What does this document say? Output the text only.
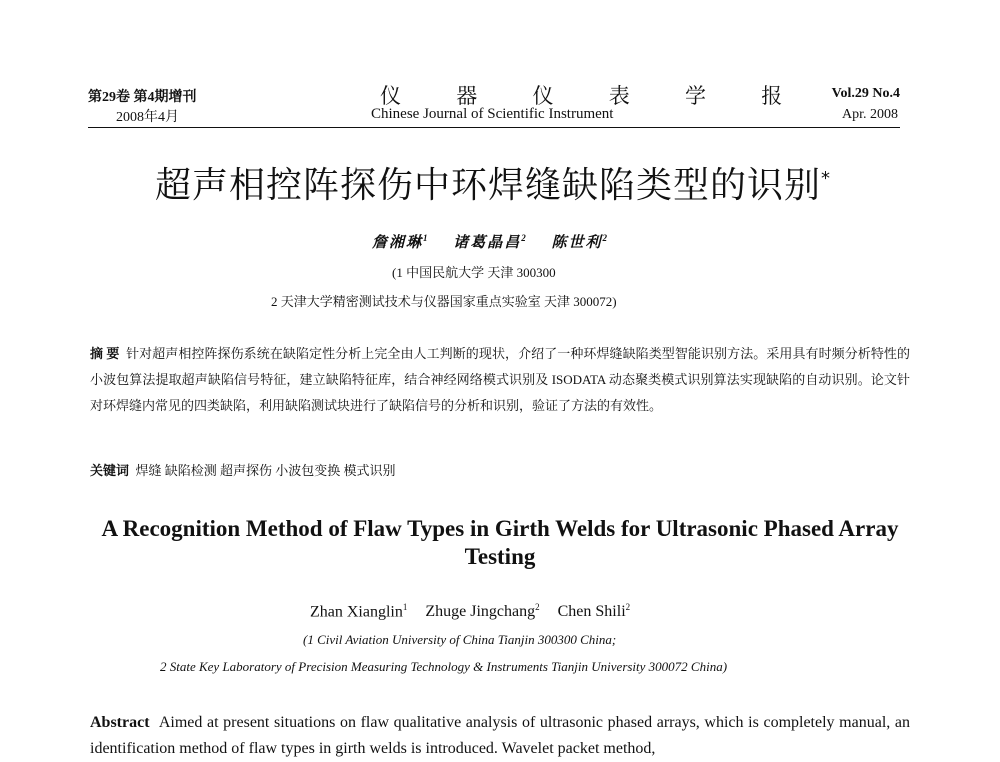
第29卷 第4期增刊
2008年4月
仪 器 仪 表 学 报
Chinese Journal of Scientific Instrument
Vol.29 No.4
Apr. 2008
超声相控阵探伤中环焊缝缺陷类型的识别*
詹湘琳$^1$ 诸葛晶昌$^2$ 陈世利$^2$
(1 中国民航大学 天津 300300
2 天津大学精密测试技术与仪器国家重点实验室 天津 300072)
摘 要 针对超声相控阵探伤系统在缺陷定性分析上完全由人工判断的现状，介绍了一种环焊缝缺陷类型智能识别方法。采用具有时频分析特性的小波包算法提取超声缺陷信号特征，建立缺陷特征库，结合神经网络模式识别及 ISODATA 动态聚类模式识别算法实现缺陷的自动识别。论文针对环焊缝内常见的四类缺陷，利用缺陷测试块进行了缺陷信号的分析和识别，验证了方法的有效性。
关键词 焊缝 缺陷检测 超声探伤 小波包变换 模式识别
A Recognition Method of Flaw Types in Girth Welds for Ultrasonic Phased Array Testing
Zhan Xianglin$^1$ Zhuge Jingchang$^2$ Chen Shili$^2$
(1 Civil Aviation University of China Tianjin 300300 China;
2 State Key Laboratory of Precision Measuring Technology & Instruments Tianjin University 300072 China)
Abstract Aimed at present situations on flaw qualitative analysis of ultrasonic phased arrays, which is completely manual, an identification method of flaw types in girth welds is introduced. Wavelet packet method,
